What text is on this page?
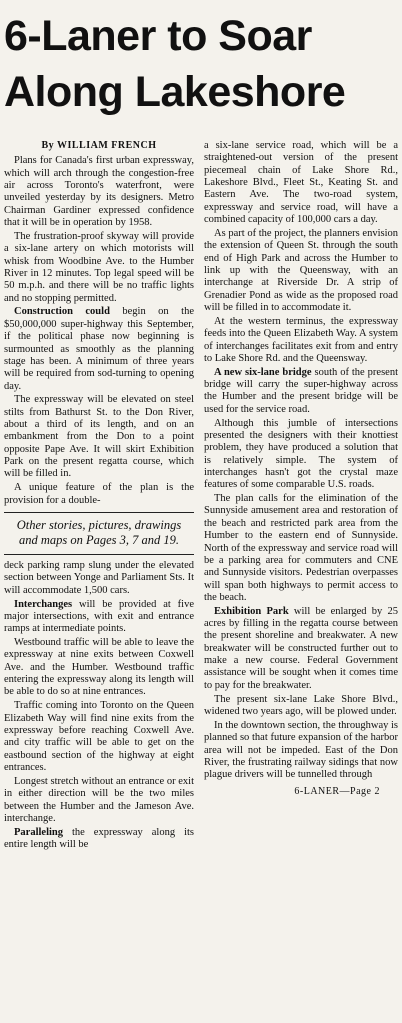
6-Laner to Soar
Along Lakeshore
By WILLIAM FRENCH

Plans for Canada's first urban expressway, which will arch through the congestion-free air across Toronto's waterfront, were unveiled yesterday by its designers. Metro Chairman Gardiner expressed confidence that it will be in operation by 1958.

The frustration-proof skyway will provide a six-lane artery on which motorists will whisk from Woodbine Ave. to the Humber River in 12 minutes. Top legal speed will be 50 m.p.h. and there will be no traffic lights and no stopping permitted.

Construction could begin on the $50,000,000 super-highway this September, if the political phase now beginning is surmounted as smoothly as the planning stage has been. A minimum of three years will be required from sod-turning to opening day.

The expressway will be elevated on steel stilts from Bathurst St. to the Don River, about a third of its length, and on an embankment from the Don to a point opposite Pape Ave. It will skirt Exhibition Park on the present regatta course, which will be filled in.

A unique feature of the plan is the provision for a double-

Other stories, pictures, drawings and maps on Pages 3, 7 and 19.

deck parking ramp slung under the elevated section between Yonge and Parliament Sts. It will accommodate 1,500 cars.

Interchanges will be provided at five major intersections, with exit and entrance ramps at intermediate points.

Westbound traffic will be able to leave the expressway at nine exits between Coxwell Ave. and the Humber. Westbound traffic entering the expressway along its length will be able to do so at nine entrances.

Traffic coming into Toronto on the Queen Elizabeth Way will find nine exits from the expressway before reaching Coxwell Ave. and city traffic will be able to get on the eastbound section of the highway at eight entrances.

Longest stretch without an entrance or exit in either direction will be the two miles between the Humber and the Jameson Ave. interchange.

Paralleling the expressway along its entire length will be

a six-lane service road, which will be a straightened-out version of the present piecemeal chain of Lake Shore Rd., Lakeshore Blvd., Fleet St., Keating St. and Eastern Ave. The two-road system, expressway and service road, will have a combined capacity of 100,000 cars a day.

As part of the project, the planners envision the extension of Queen St. through the south end of High Park and across the Humber to link up with the Queensway, with an interchange at Riverside Dr. A strip of Grenadier Pond as wide as the proposed road will be filled in to accommodate it.

At the western terminus, the expressway feeds into the Queen Elizabeth Way. A system of interchanges facilitates exit from and entry to Lake Shore Rd. and the Queensway.

A new six-lane bridge south of the present bridge will carry the super-highway across the Humber and the present bridge will be used for the service road.

Although this jumble of intersections presented the designers with their knottiest problem, they have produced a solution that is relatively simple. The system of interchanges hasn't got the crystal maze features of some comparable U.S. roads.

The plan calls for the elimination of the Sunnyside amusement area and restoration of the beach and restricted park area from the Humber to the eastern end of Sunnyside. North of the expressway and service road will be a parking area for commuters and CNE and Sunnyside visitors. Pedestrian overpasses will span both highways to permit access to the beach.

Exhibition Park will be enlarged by 25 acres by filling in the regatta course between the present shoreline and breakwater. A new breakwater will be constructed further out to make a new course. Federal Government assistance will be sought when it comes time to pay for the breakwater.

The present six-lane Lake Shore Blvd., widened two years ago, will be plowed under.

In the downtown section, the throughway is planned so that future expansion of the harbor area will not be impeded. East of the Don River, the frustrating railway sidings that now plague drivers will be tunnelled through

6-LANER—Page 2
